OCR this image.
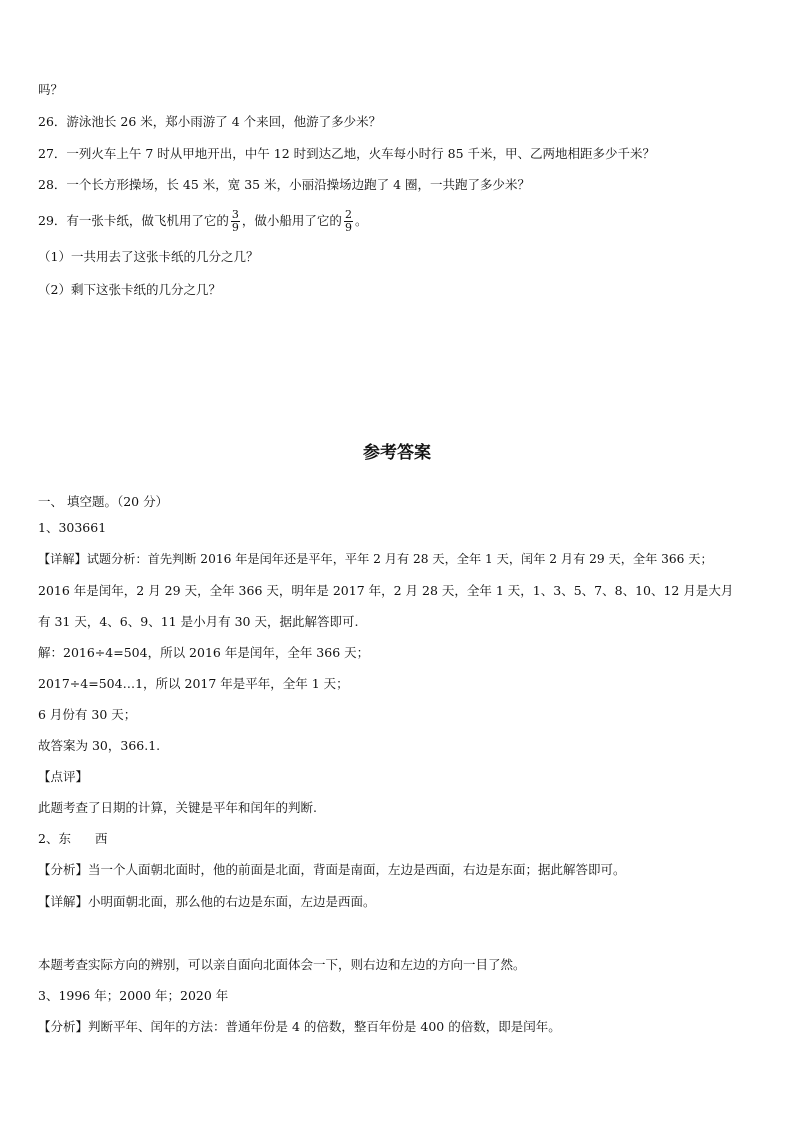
吗？
26．游泳池长 26 米，郑小雨游了 4 个来回，他游了多少米？
27．一列火车上午 7 时从甲地开出，中午 12 时到达乙地，火车每小时行 85 千米，甲、乙两地相距多少千米？
28．一个长方形操场，长 45 米，宽 35 米，小丽沿操场边跑了 4 圈，一共跑了多少米？
29．有一张卡纸，做飞机用了它的 $\frac{3}{9}$ ，做小船用了它的 $\frac{2}{9}$ 。
（1）一共用去了这张卡纸的几分之几？
（2）剩下这张卡纸的几分之几？
参考答案
一、 填空题。（20 分）
1、303661
【详解】试题分析：首先判断 2016 年是闰年还是平年，平年 2 月有 28 天，全年 1 天，闰年 2 月有 29 天，全年 366 天；
2016 年是闰年，2 月 29 天，全年 366 天，明年是 2017 年，2 月 28 天，全年 1 天，1、3、5、7、8、10、12 月是大月
有 31 天，4、6、9、11 是小月有 30 天，据此解答即可.
解：2016÷4=504，所以 2016 年是闰年，全年 366 天；
2017÷4=504…1，所以 2017 年是平年，全年 1 天；
6 月份有 30 天；
故答案为 30，366.1.
【点评】
此题考查了日期的计算，关键是平年和闰年的判断.
2、东 西
【分析】当一个人面朝北面时，他的前面是北面，背面是南面，左边是西面，右边是东面；据此解答即可。
【详解】小明面朝北面，那么他的右边是东面，左边是西面。
本题考查实际方向的辨别，可以亲自面向北面体会一下，则右边和左边的方向一目了然。
3、1996 年；2000 年；2020 年
【分析】判断平年、闰年的方法：普通年份是 4 的倍数，整百年份是 400 的倍数，即是闰年。
